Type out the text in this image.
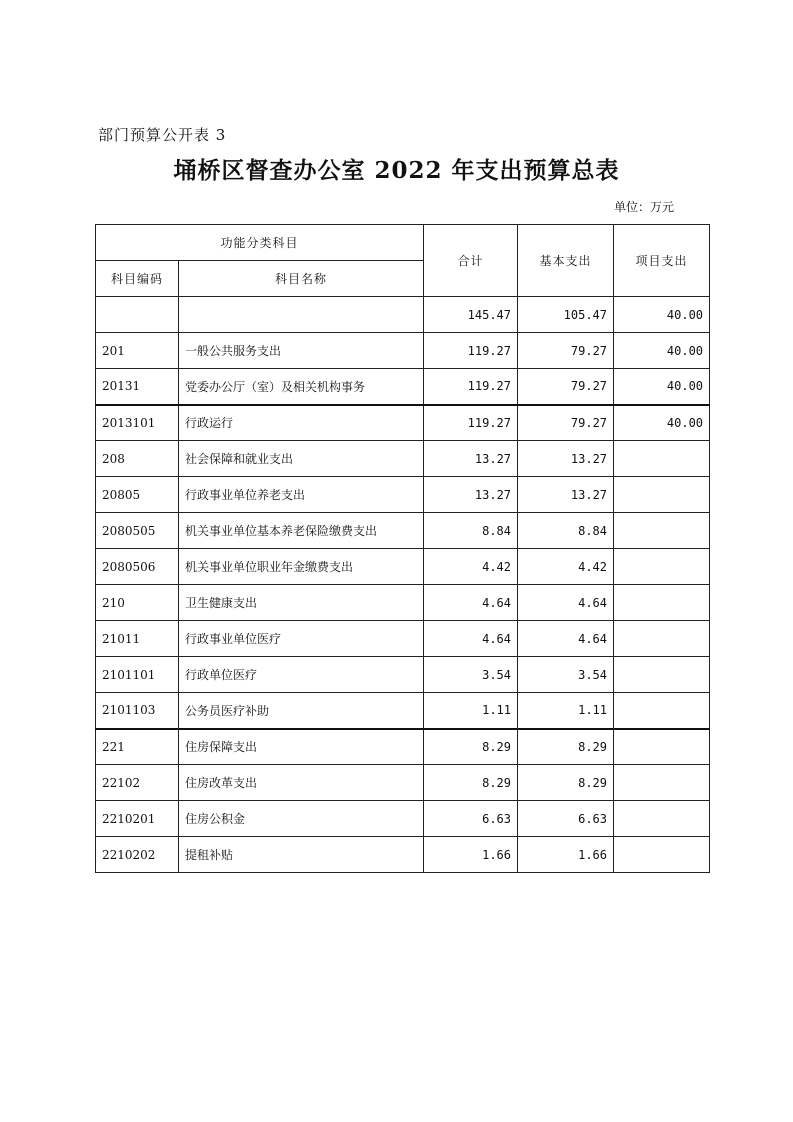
部门预算公开表 3
埇桥区督查办公室 2022 年支出预算总表
单位：万元
功能分类科目		合计	基本支出	项目支出
科目编码	科目名称			
		145.47	105.47	40.00
201	一般公共服务支出	119.27	79.27	40.00
20131	党委办公厅（室）及相关机构事务	119.27	79.27	40.00
2013101	行政运行	119.27	79.27	40.00
208	社会保障和就业支出	13.27	13.27	
20805	行政事业单位养老支出	13.27	13.27	
2080505	机关事业单位基本养老保险缴费支出	8.84	8.84	
2080506	机关事业单位职业年金缴费支出	4.42	4.42	
210	卫生健康支出	4.64	4.64	
21011	行政事业单位医疗	4.64	4.64	
2101101	行政单位医疗	3.54	3.54	
2101103	公务员医疗补助	1.11	1.11	
221	住房保障支出	8.29	8.29	
22102	住房改革支出	8.29	8.29	
2210201	住房公积金	6.63	6.63	
2210202	提租补贴	1.66	1.66	
